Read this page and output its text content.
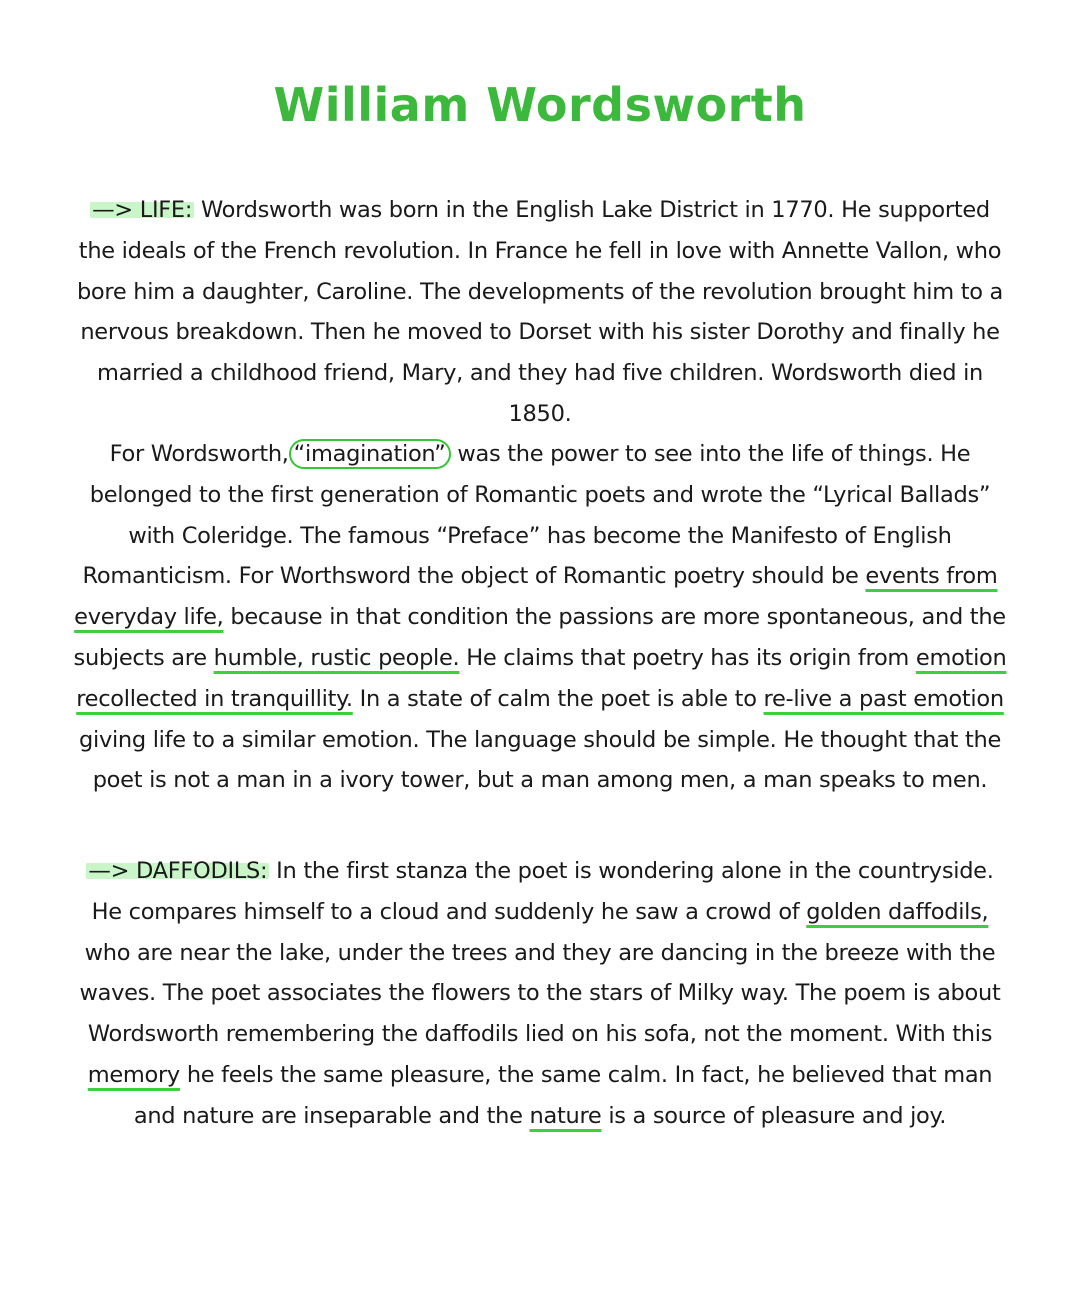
William Wordsworth
—> LIFE: Wordsworth was born in the English Lake District in 1770. He supported the ideals of the French revolution. In France he fell in love with Annette Vallon, who bore him a daughter, Caroline. The developments of the revolution brought him to a nervous breakdown. Then he moved to Dorset with his sister Dorothy and finally he married a childhood friend, Mary, and they had five children. Wordsworth died in 1850.
For Wordsworth, “imagination” was the power to see into the life of things. He belonged to the first generation of Romantic poets and wrote the “Lyrical Ballads” with Coleridge. The famous “Preface” has become the Manifesto of English Romanticism. For Worthsword the object of Romantic poetry should be events from everyday life, because in that condition the passions are more spontaneous, and the subjects are humble, rustic people. He claims that poetry has its origin from emotion recollected in tranquillity. In a state of calm the poet is able to re-live a past emotion giving life to a similar emotion. The language should be simple. He thought that the poet is not a man in a ivory tower, but a man among men, a man speaks to men.
—> DAFFODILS: In the first stanza the poet is wondering alone in the countryside. He compares himself to a cloud and suddenly he saw a crowd of golden daffodils, who are near the lake, under the trees and they are dancing in the breeze with the waves. The poet associates the flowers to the stars of Milky way. The poem is about Wordsworth remembering the daffodils lied on his sofa, not the moment. With this memory he feels the same pleasure, the same calm. In fact, he believed that man and nature are inseparable and the nature is a source of pleasure and joy.
